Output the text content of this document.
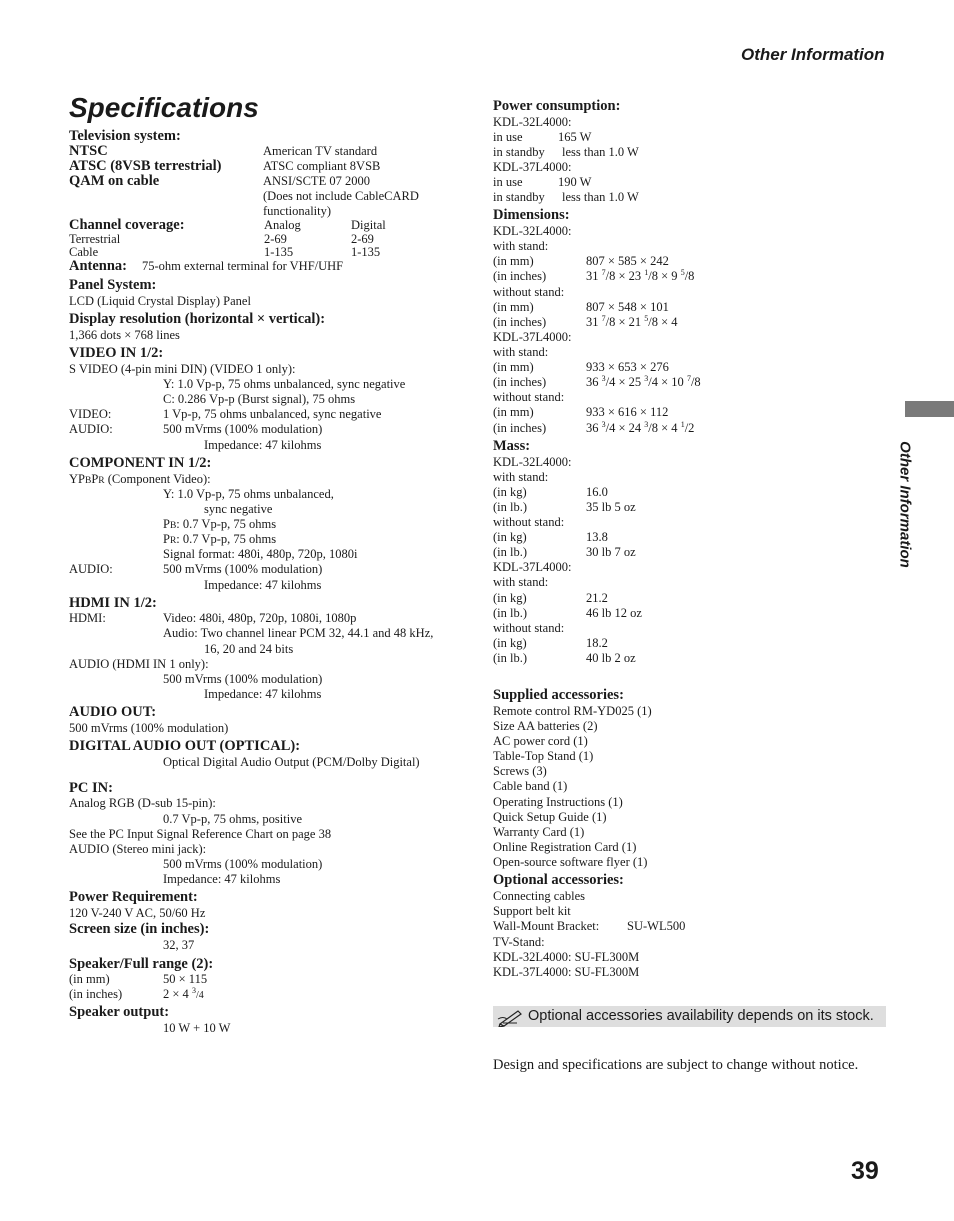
Other Information
Specifications
Other Information
Television system:
NTSC	American TV standard
ATSC (8VSB terrestrial)	ATSC compliant 8VSB
QAM on cable	ANSI/SCTE 07 2000
(Does not include CableCARD
functionality)
Channel coverage:	Analog	Digital
Terrestrial	2-69	2-69
Cable	1-135	1-135
Antenna: 75-ohm external terminal for VHF/UHF
Panel System:
LCD (Liquid Crystal Display) Panel
Display resolution (horizontal × vertical):
1,366 dots × 768 lines
VIDEO IN 1/2:
S VIDEO (4-pin mini DIN) (VIDEO 1 only):
Y: 1.0 Vp-p, 75 ohms unbalanced, sync negative
C: 0.286 Vp-p (Burst signal), 75 ohms
VIDEO:	1 Vp-p, 75 ohms unbalanced, sync negative
AUDIO:	500 mVrms (100% modulation)
Impedance: 47 kilohms
COMPONENT IN 1/2:
YPBPR (Component Video):
Y: 1.0 Vp-p, 75 ohms unbalanced,
sync negative
PB: 0.7 Vp-p, 75 ohms
PR: 0.7 Vp-p, 75 ohms
Signal format: 480i, 480p, 720p, 1080i
AUDIO:	500 mVrms (100% modulation)
Impedance: 47 kilohms
HDMI IN 1/2:
HDMI:	Video: 480i, 480p, 720p, 1080i, 1080p
Audio: Two channel linear PCM 32, 44.1 and 48 kHz,
16, 20 and 24 bits
AUDIO (HDMI IN 1 only):
500 mVrms (100% modulation)
Impedance: 47 kilohms
AUDIO OUT:
500 mVrms (100% modulation)
DIGITAL AUDIO OUT (OPTICAL):
Optical Digital Audio Output (PCM/Dolby Digital)
PC IN:
Analog RGB (D-sub 15-pin):
0.7 Vp-p, 75 ohms, positive
See the PC Input Signal Reference Chart on page 38
AUDIO (Stereo mini jack):
500 mVrms (100% modulation)
Impedance: 47 kilohms
Power Requirement:
120 V-240 V AC, 50/60 Hz
Screen size (in inches):
32, 37
Speaker/Full range (2):
(in mm)	50 × 115
(in inches)	2 × 4 $^3$/4
Speaker output:
10 W + 10 W
Power consumption:
KDL-32L4000:
in use	165 W
in standby less than 1.0 W
KDL-37L4000:
in use	190 W
in standby less than 1.0 W
Dimensions:
KDL-32L4000:
with stand:
(in mm)	807 × 585 × 242
(in inches)	31 $^7$/8 × 23 $^1$/8 × 9 $^5$/8
without stand:
(in mm)	807 × 548 × 101
(in inches)	31 $^7$/8 × 21 $^5$/8 × 4
KDL-37L4000:
with stand:
(in mm)	933 × 653 × 276
(in inches)	36 $^3$/4 × 25 $^3$/4 × 10 $^7$/8
without stand:
(in mm)	933 × 616 × 112
(in inches)	36 $^3$/4 × 24 $^3$/8 × 4 $^1$/2
Mass:
KDL-32L4000:
with stand:
(in kg)	16.0
(in lb.)	35 lb 5 oz
without stand:
(in kg)	13.8
(in lb.)	30 lb 7 oz
KDL-37L4000:
with stand:
(in kg)	21.2
(in lb.)	46 lb 12 oz
without stand:
(in kg)	18.2
(in lb.)	40 lb 2 oz
Supplied accessories:
Remote control RM-YD025 (1)
Size AA batteries (2)
AC power cord (1)
Table-Top Stand (1)
Screws (3)
Cable band (1)
Operating Instructions (1)
Quick Setup Guide (1)
Warranty Card (1)
Online Registration Card (1)
Open-source software flyer (1)
Optional accessories:
Connecting cables
Support belt kit
Wall-Mount Bracket: SU-WL500
TV-Stand:
KDL-32L4000: SU-FL300M
KDL-37L4000: SU-FL300M
Optional accessories availability depends on its stock.
Design and specifications are subject to change without notice.
39
